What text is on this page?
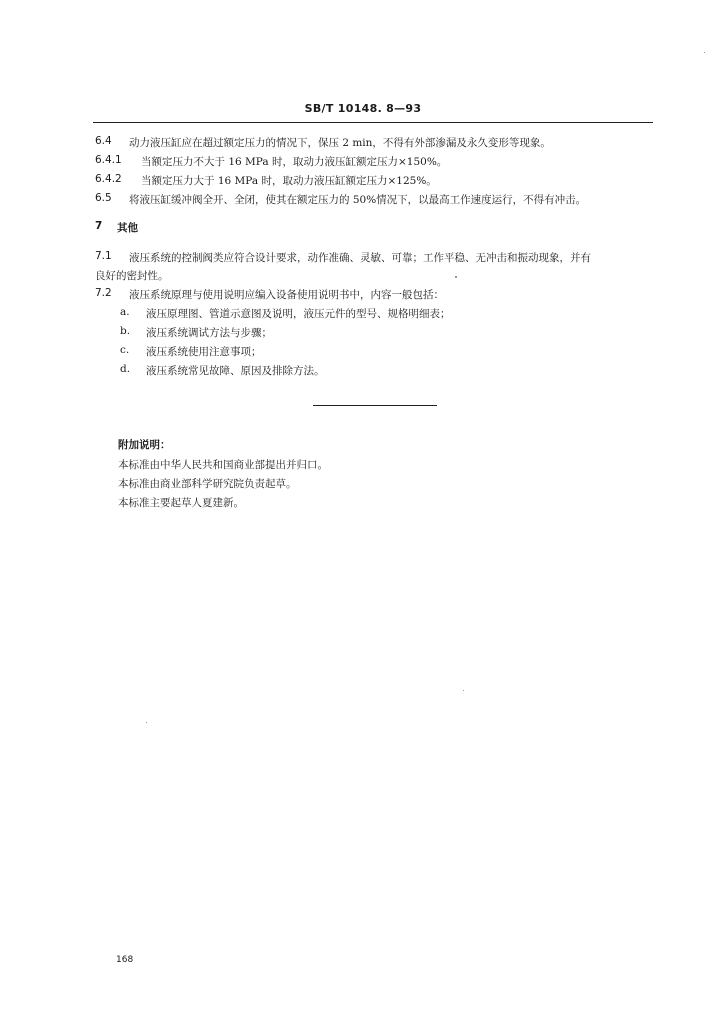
SB/T 10148. 8—93
6.4 动力液压缸应在超过额定压力的情况下，保压 2 min，不得有外部渗漏及永久变形等现象。
6.4.1 当额定压力不大于 16 MPa 时，取动力液压缸额定压力×150%。
6.4.2 当额定压力大于 16 MPa 时，取动力液压缸额定压力×125%。
6.5 将液压缸缓冲阀全开、全闭，使其在额定压力的 50%情况下，以最高工作速度运行，不得有冲击。
7 其他
7.1 液压系统的控制阀类应符合设计要求，动作准确、灵敏、可靠；工作平稳、无冲击和振动现象，并有
良好的密封性。
7.2 液压系统原理与使用说明应编入设备使用说明书中，内容一般包括：
a. 液压原理图、管道示意图及说明，液压元件的型号、规格明细表；
b. 液压系统调试方法与步骤；
c. 液压系统使用注意事项；
d. 液压系统常见故障、原因及排除方法。
附加说明：
本标准由中华人民共和国商业部提出并归口。
本标准由商业部科学研究院负责起草。
本标准主要起草人夏建新。
168
